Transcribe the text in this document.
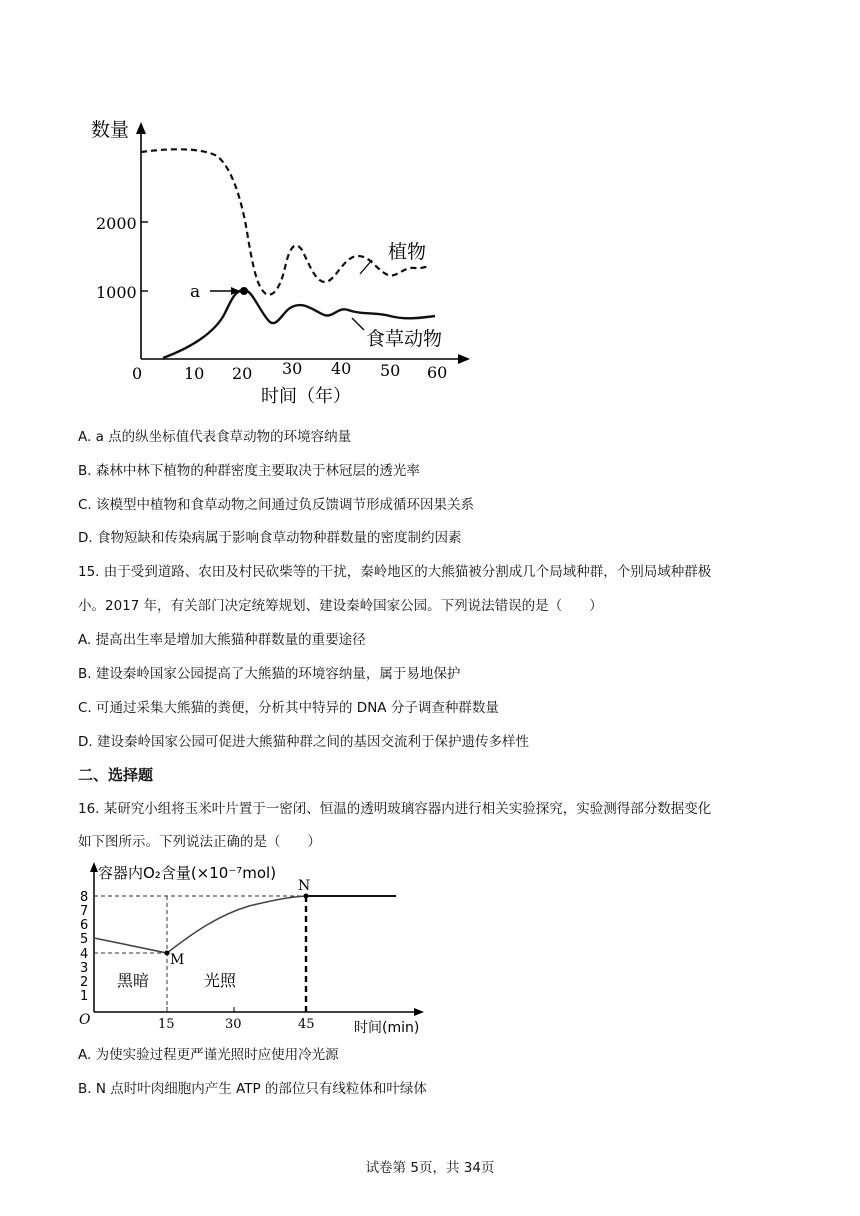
数量
2000
1000
0	10 20 30 40 50 60
时间（年）
a
植物
食草动物
A. a 点的纵坐标值代表食草动物的环境容纳量
B. 森林中林下植物的种群密度主要取决于林冠层的透光率
C. 该模型中植物和食草动物之间通过负反馈调节形成循环因果关系
D. 食物短缺和传染病属于影响食草动物种群数量的密度制约因素
15. 由于受到道路、农田及村民砍柴等的干扰，秦岭地区的大熊猫被分割成几个局域种群，个别局域种群极
小。2017 年，有关部门决定统筹规划、建设秦岭国家公园。下列说法错误的是（　　）
A. 提高出生率是增加大熊猫种群数量的重要途径
B. 建设秦岭国家公园提高了大熊猫的环境容纳量，属于易地保护
C. 可通过采集大熊猫的粪便，分析其中特异的 DNA 分子调查种群数量
D. 建设秦岭国家公园可促进大熊猫种群之间的基因交流利于保护遗传多样性
二、选择题
16. 某研究小组将玉米叶片置于一密闭、恒温的透明玻璃容器内进行相关实验探究，实验测得部分数据变化
如下图所示。下列说法正确的是（　　）
容器内O₂含量(×10⁻⁷mol)
8
7
6
5
4
3
2
1
O	15	30	45	时间(min)
M
N
黑暗	光照
A. 为使实验过程更严谨光照时应使用冷光源
B. N 点时叶肉细胞内产生 ATP 的部位只有线粒体和叶绿体
试卷第 5页，共 34页
